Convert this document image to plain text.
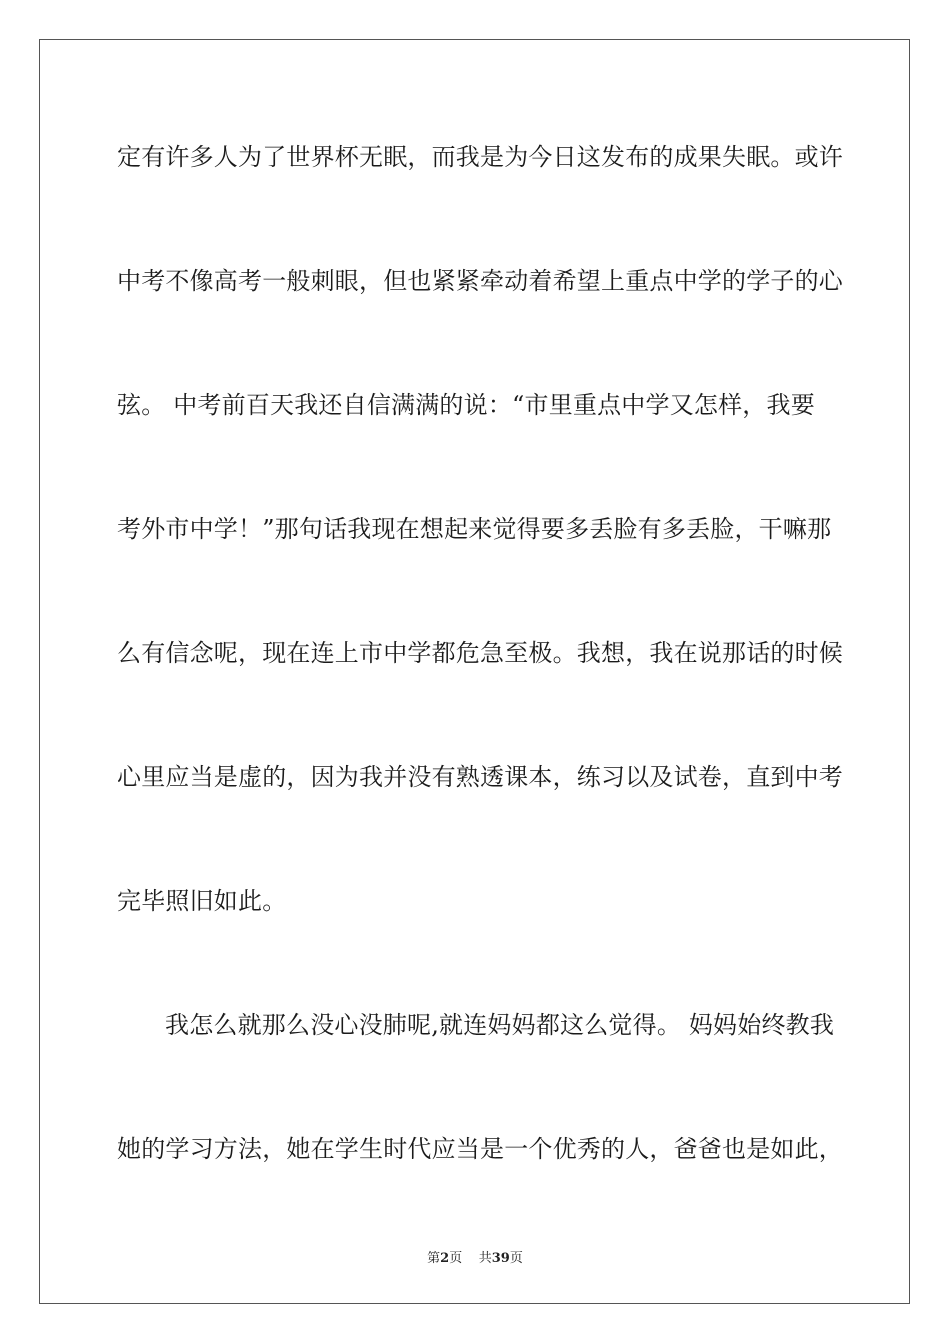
定有许多人为了世界杯无眠，而我是为今日这发布的成果失眠。或许
中考不像高考一般刺眼，但也紧紧牵动着希望上重点中学的学子的心
弦。 中考前百天我还自信满满的说：“市里重点中学又怎样，我要
考外市中学！”那句话我现在想起来觉得要多丢脸有多丢脸，干嘛那
么有信念呢，现在连上市中学都危急至极。我想，我在说那话的时候
心里应当是虚的，因为我并没有熟透课本，练习以及试卷，直到中考
完毕照旧如此。
我怎么就那么没心没肺呢,就连妈妈都这么觉得。 妈妈始终教我
她的学习方法，她在学生时代应当是一个优秀的人，爸爸也是如此，
第2页 共39页
